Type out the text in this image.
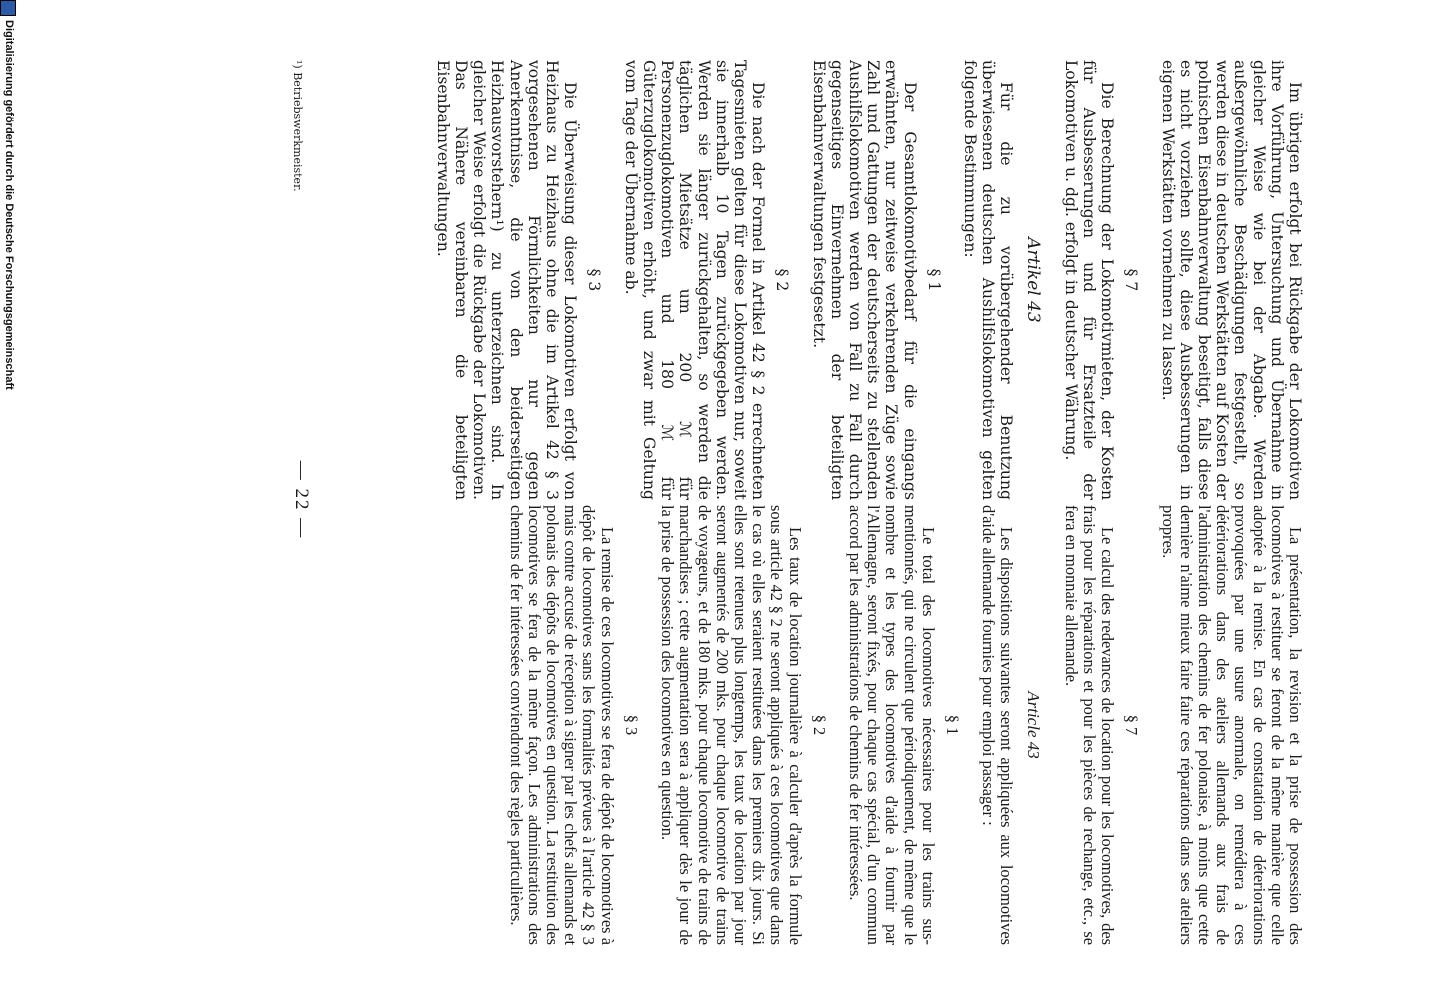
— 22 —

La présentation, la revision et la prise de possession des locomotives à restituer se feront de la même manière que celle adoptée à la remise. En cas de constatation de déteriorations provoquées par une usure anormale, on remédiera à ces détériorations dans des ateliers allemands aux frais de l'administration des chemins de fer polonaise, à moins que cette dernière n'aime mieux faire faire ces réparations dans ses ateliers propres.

§ 7

Le calcul des redevances de location pour les locomotives, des frais pour les réparations et pour les pièces de rechange, etc., se fera en monnaie allemande.

Article 43

Les dispositions suivantes seront appliquées aux locomotives d'aide allemande fournies pour emploi passager :

§ 1

Le total des locomotives nécessaires pour les trains sus-mentionnés, qui ne circulent que périodiquement, de même que le nombre et les types des locomotives d'aide à fournir par l'Allemagne, seront fixés, pour chaque cas spécial, d'un commun accord par les administrations de chemins de fer intéressées.

§ 2

Les taux de location journalière à calculer d'après la formule sous article 42 § 2 ne seront appliqués à ces locomotives que dans le cas où elles seraient restituées dans les premiers dix jours. Si elles sont retenues plus longtemps, les taux de location par jour seront augmentés de 200 mks. pour chaque locomotive de trains de voyageurs, et de 180 mks. pour chaque locomotive de trains de marchandises ; cette augmentation sera à appliquer dès le jour de la prise de possession des locomotives en question.

§ 3

La remise de ces locomotives se fera de dépôt de locomotives à dépôt de locomotives sans les formalités prévues à l'article 42 § 3 mais contre accusé de réception à signer par les chefs allemands et polonais des dépôts de locomotives en question. La restitution des locomotives se fera de la même façon. Les administrations des chemins de fer intéressées conviendront des règles particulières.

Im übrigen erfolgt bei Rückgabe der Lokomotiven ihre Vorführung, Untersuchung und Übernahme in gleicher Weise wie bei der Abgabe. Werden außergewöhnliche Beschädigungen festgestellt, so werden diese in deutschen Werkstätten auf Kosten der polnischen Eisenbahnverwaltung beseitigt, falls diese es nicht vorziehen sollte, diese Ausbesserungen in eigenen Werkstätten vornehmen zu lassen.

§ 7

Die Berechnung der Lokomotivmieten, der Kosten für Ausbesserungen und für Ersatzteile der Lokomotiven u. dgl. erfolgt in deutscher Währung.

Artikel 43

Für die zu vorübergehender Benutzung überwiesenen deutschen Aushilfslokomotiven gelten folgende Bestimmungen:

§ 1

Der Gesamtlokomotivbedarf für die eingangs erwähnten, nur zeitweise verkehrenden Züge sowie Zahl und Gattungen der deutscherseits zu stellenden Aushilfslokomotiven werden von Fall zu Fall durch gegenseitiges Einvernehmen der beteiligten Eisenbahnverwaltungen festgesetzt.

§ 2

Die nach der Formel in Artikel 42 § 2 errechneten Tagesmieten gelten für diese Lokomotiven nur, soweit sie innerhalb 10 Tagen zurückgegeben werden. Werden sie länger zurückgehalten, so werden die täglichen Mietsätze um 200 ℳ für Personenzuglokomotiven und 180 ℳ für Güterzuglokomotiven erhöht, und zwar mit Geltung vom Tage der Übernahme ab.

§ 3

Die Überweisung dieser Lokomotiven erfolgt von Heizhaus zu Heizhaus ohne die im Artikel 42 § 3 vorgesehenen Förmlichkeiten nur gegen Anerkenntnisse, die von den beiderseitigen Heizhausvorstehern¹) zu unterzeichnen sind. In gleicher Weise erfolgt die Rückgabe der Lokomotiven. Das Nähere vereinbaren die beteiligten Eisenbahnverwaltungen.

¹) Betriebswerkmeister.
Digitalisierung gefördert durch die Deutsche Forschungsgemeinschaft
